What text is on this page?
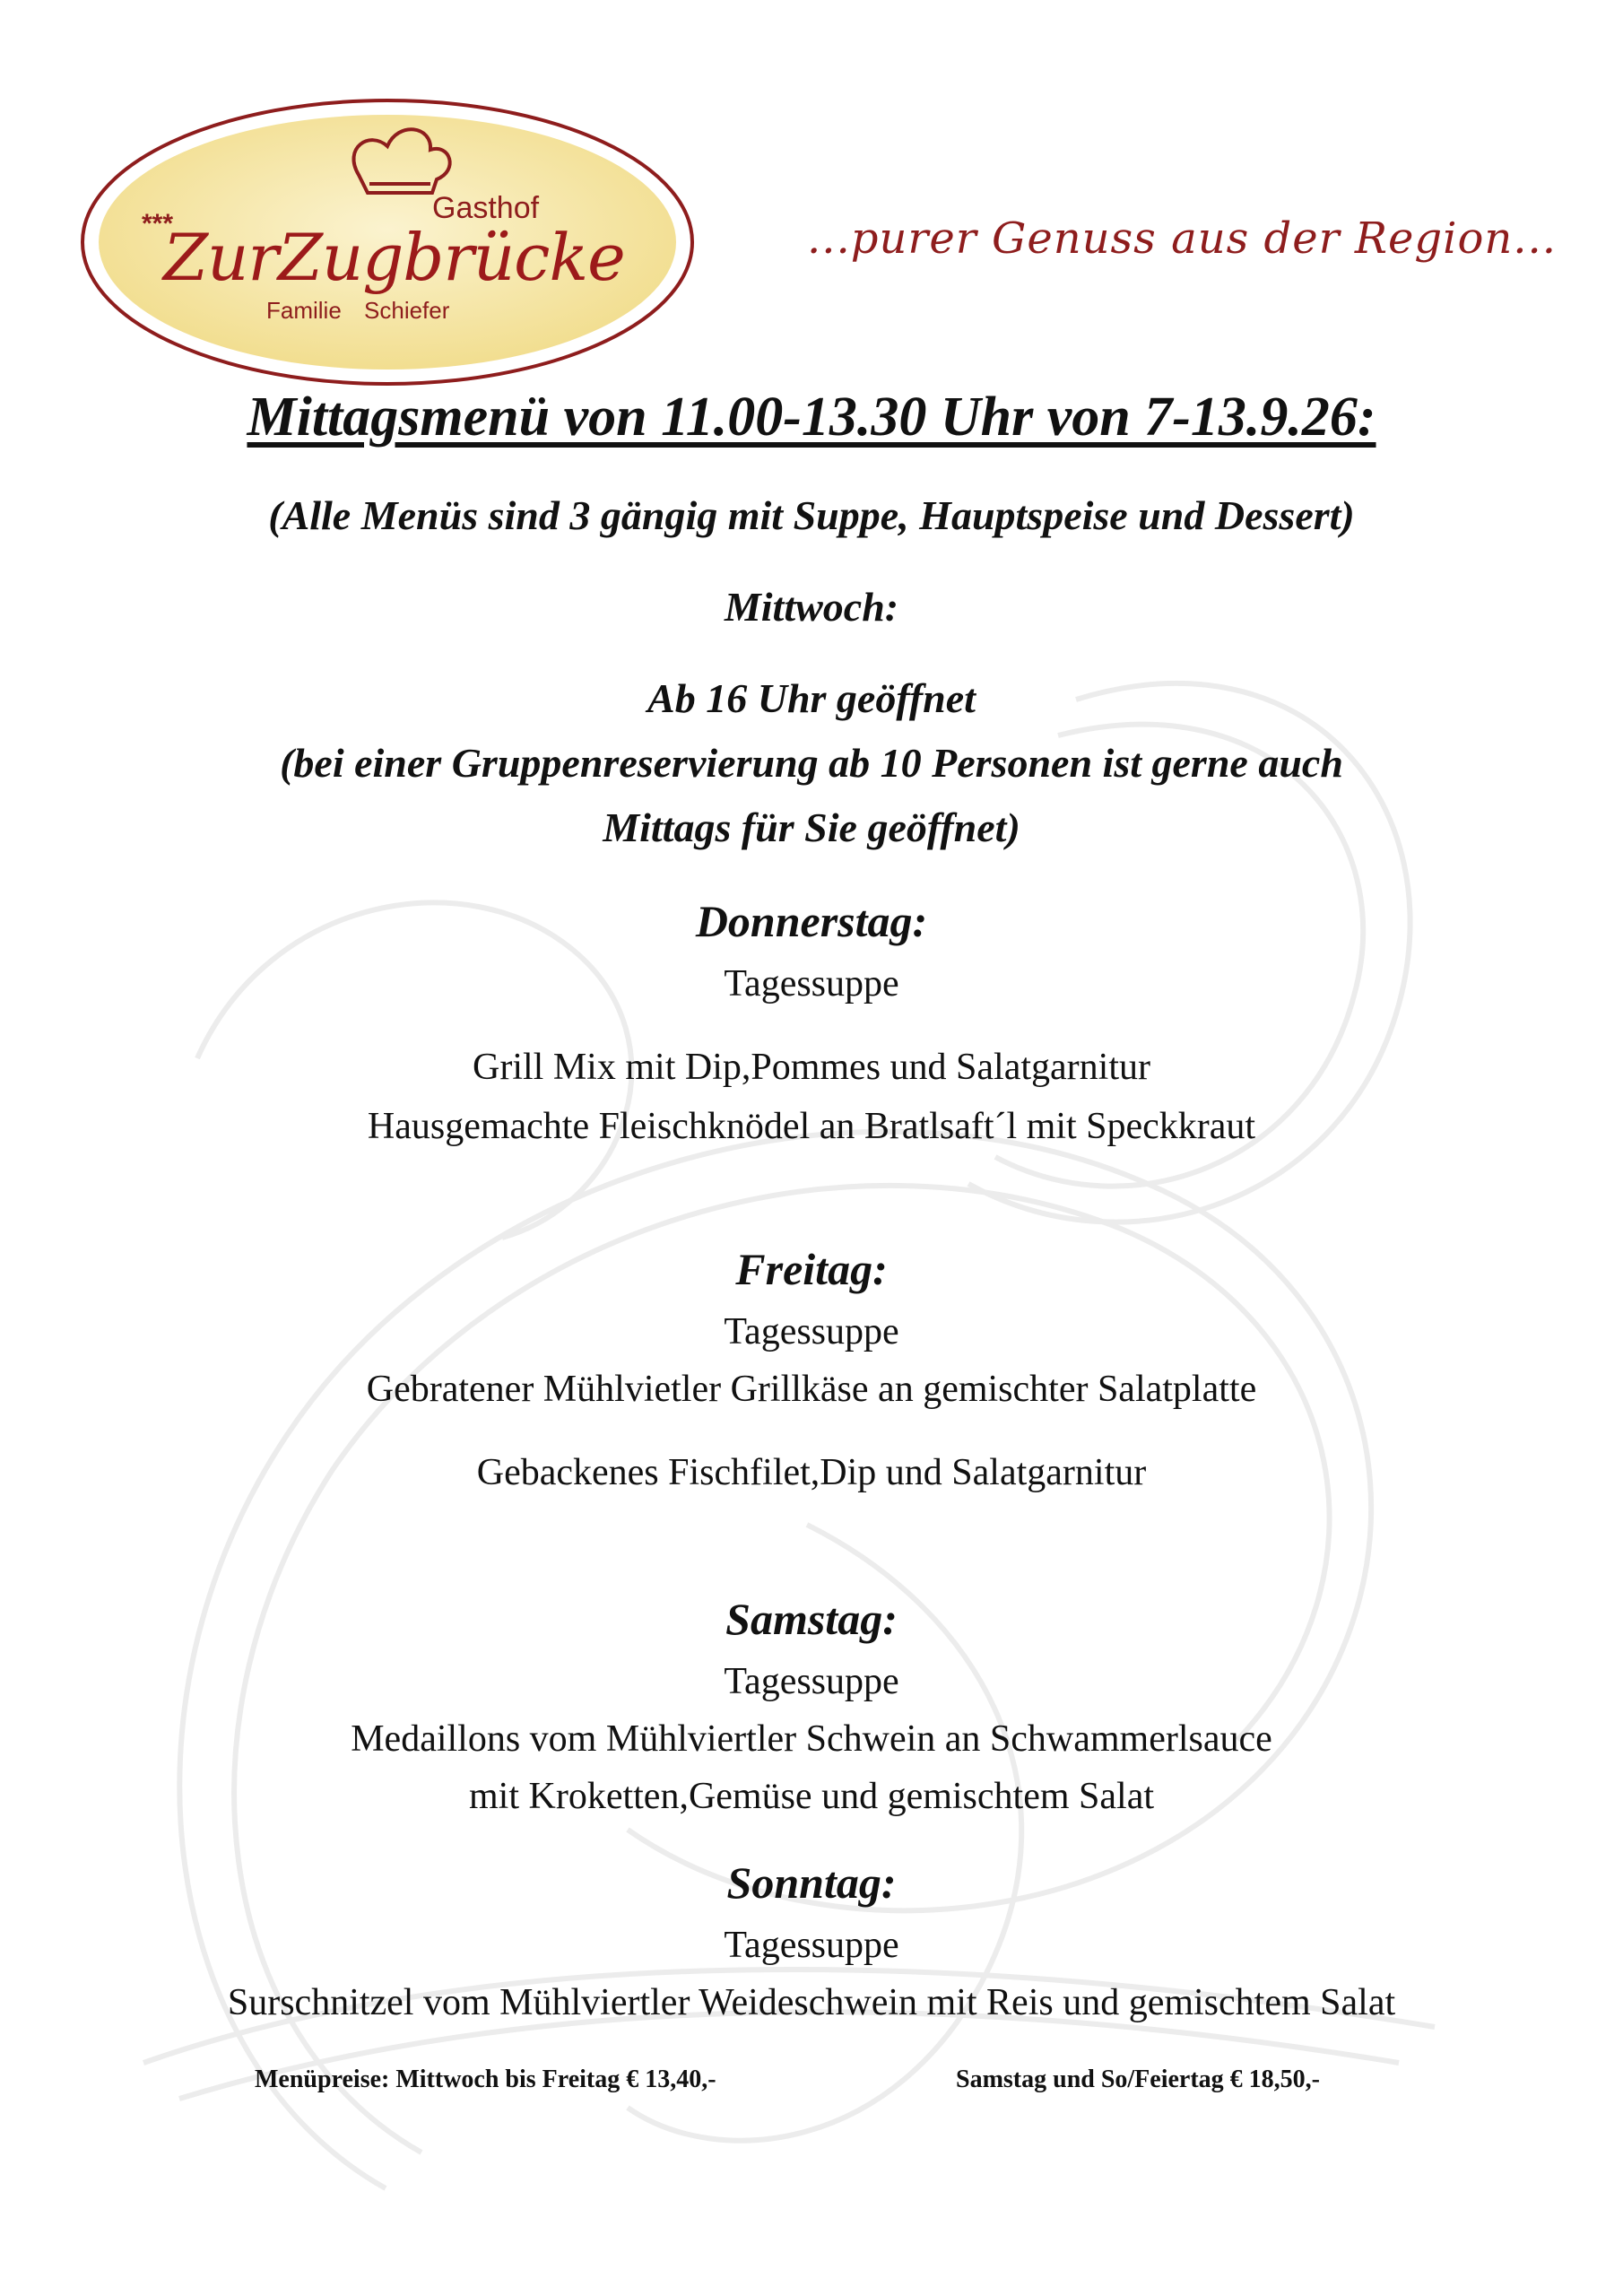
Gasthof
***
ZurZugbrücke
Familie Schiefer
...purer Genuss aus der Region...
Mittagsmenü von 11.00-13.30 Uhr von 7-13.9.26:
(Alle Menüs sind 3 gängig mit Suppe, Hauptspeise und Dessert)
Mittwoch:
Ab 16 Uhr geöffnet
(bei einer Gruppenreservierung ab 10 Personen ist gerne auch
Mittags für Sie geöffnet)
Donnerstag:
Tagessuppe
Grill Mix mit Dip,Pommes und Salatgarnitur
Hausgemachte Fleischknödel an Bratlsaft´l mit Speckkraut
Freitag:
Tagessuppe
Gebratener Mühlvietler Grillkäse an gemischter Salatplatte
Gebackenes Fischfilet,Dip und Salatgarnitur
Samstag:
Tagessuppe
Medaillons vom Mühlviertler Schwein an Schwammerlsauce
mit Kroketten,Gemüse und gemischtem Salat
Sonntag:
Tagessuppe
Surschnitzel vom Mühlviertler Weideschwein mit Reis und gemischtem Salat
Menüpreise: Mittwoch bis Freitag € 13,40,-	Samstag und So/Feiertag € 18,50,-
